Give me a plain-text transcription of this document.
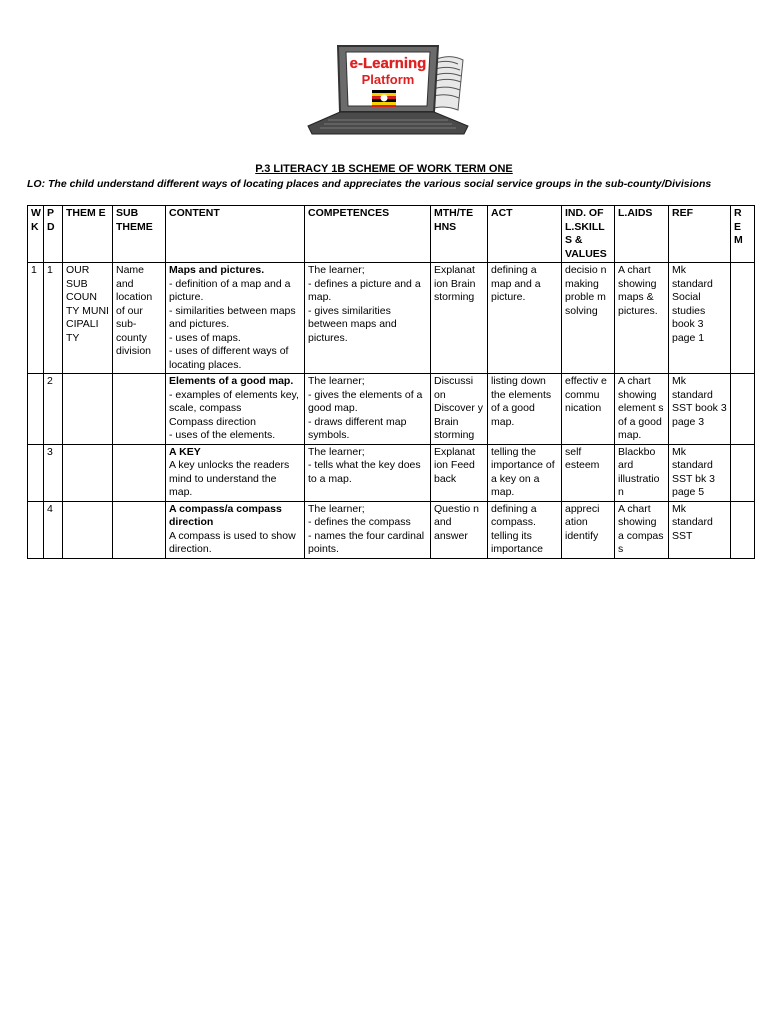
e-Learning
Platform
P.3 LITERACY 1B SCHEME OF WORK TERM ONE
LO: The child understand different ways of locating places and appreciates the various social service groups in the sub-county/Divisions
W K	P D	THEM E	SUB THEME	CONTENT	COMPETENCES	MTH/TE HNS	ACT	IND. OF L.SKILL S & VALUES	L.AIDS	REF	R E M
1	1	OUR SUB COUN TY MUNI CIPALI TY	Name and location of our sub-county division	Maps and pictures.
- definition of a map and a picture.
- similarities between maps and pictures.
- uses of maps.
- uses of different ways of locating places.	The learner;
- defines a picture and a map.
- gives similarities between maps and pictures.	Explanat ion Brain storming	defining a map and a picture.	decisio n making proble m solving	A chart showing maps & pictures.	Mk standard Social studies book 3 page 1	
	2			Elements of a good map.
- examples of elements key, scale, compass
Compass direction
- uses of the elements.	The learner;
- gives the elements of a good map.
- draws different map symbols.	Discussi on Discover y Brain storming	listing down the elements of a good map.	effectiv e commu nication	A chart showing element s of a good map.	Mk standard SST book 3 page 3	
	3			A KEY
A key unlocks the readers mind to understand the map.	The learner;
- tells what the key does to a map.	Explanat ion Feed back	telling the importance of a key on a map.	self esteem	Blackbo ard illustratio n	Mk standard SST bk 3 page 5	
	4			A compass/a compass direction
A compass is used to show direction.	The learner;
- defines the compass
- names the four cardinal points.	Questio n and answer	defining a compass. telling its importance	appreci ation identify	A chart showing a compas s	Mk standard SST	
